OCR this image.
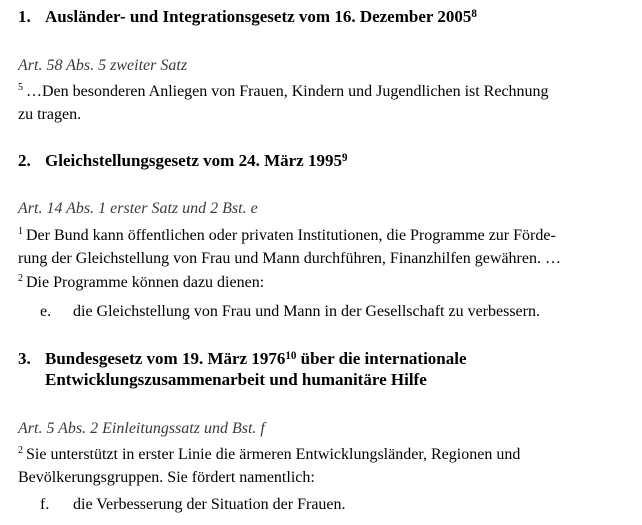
1. Ausländer- und Integrationsgesetz vom 16. Dezember 2005$^8$

Art. 58 Abs. 5 zweiter Satz

$^5$ …Den besonderen Anliegen von Frauen, Kindern und Jugendlichen ist Rechnung
zu tragen.
2. Gleichstellungsgesetz vom 24. März 1995$^9$

Art. 14 Abs. 1 erster Satz und 2 Bst. e

$^1$ Der Bund kann öffentlichen oder privaten Institutionen, die Programme zur Förde-
rung der Gleichstellung von Frau und Mann durchführen, Finanzhilfen gewähren. …
$^2$ Die Programme können dazu dienen:

e. die Gleichstellung von Frau und Mann in der Gesellschaft zu verbessern.

3. Bundesgesetz vom 19. März 1976$^{10}$ über die internationale
Entwicklungszusammenarbeit und humanitäre Hilfe

Art. 5 Abs. 2 Einleitungssatz und Bst. f

$^2$ Sie unterstützt in erster Linie die ärmeren Entwicklungsländer, Regionen und
Bevölkerungsgruppen. Sie fördert namentlich:

f. die Verbesserung der Situation der Frauen.
